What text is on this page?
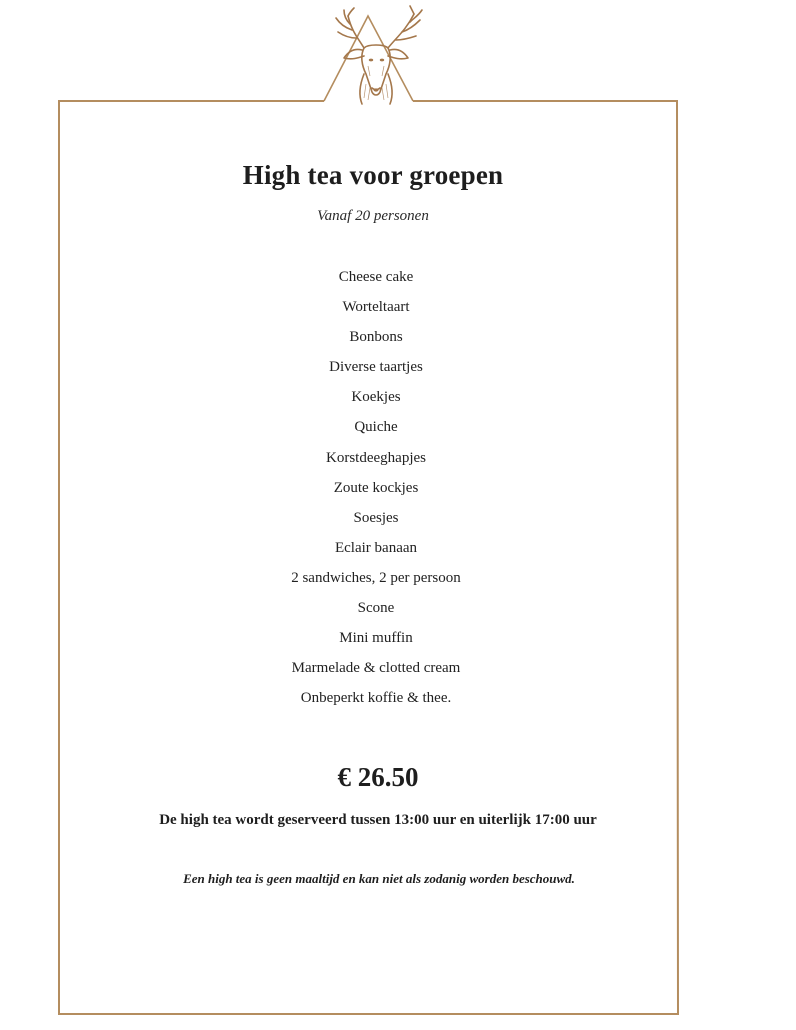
High tea voor groepen
Vanaf 20 personen
Cheese cake
Worteltaart
Bonbons
Diverse taartjes
Koekjes
Quiche
Korstdeeghapjes
Zoute kockjes
Soesjes
Eclair banaan
2 sandwiches, 2 per persoon
Scone
Mini muffin
Marmelade & clotted cream
Onbeperkt koffie & thee.
€ 26.50
De high tea wordt geserveerd tussen 13:00 uur en uiterlijk 17:00 uur
Een high tea is geen maaltijd en kan niet als zodanig worden beschouwd.
